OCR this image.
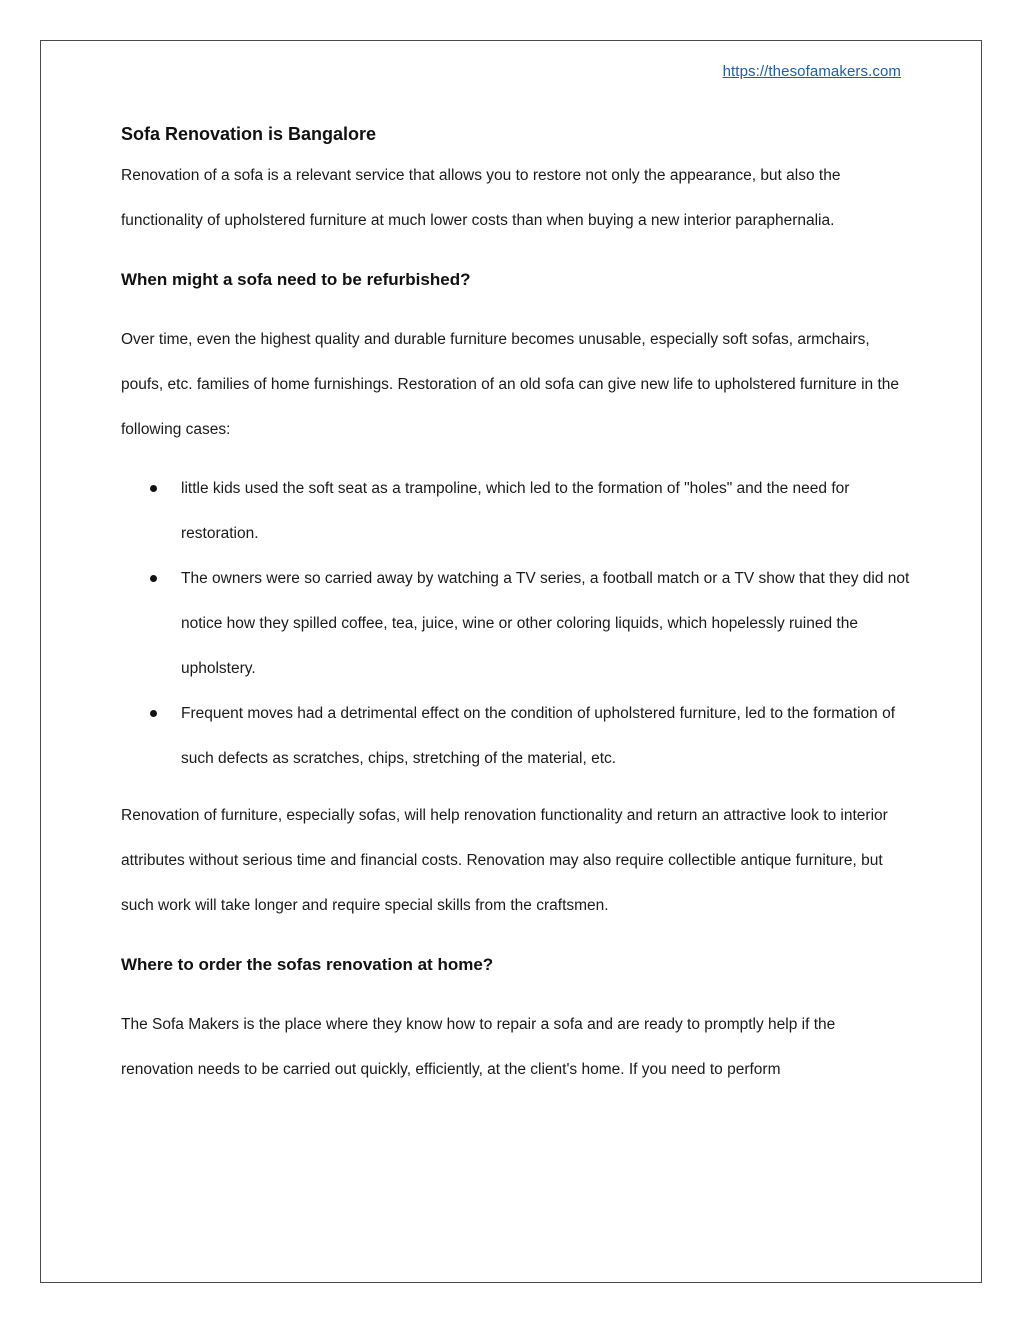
https://thesofamakers.com
Sofa Renovation is Bangalore

Renovation of a sofa is a relevant service that allows you to restore not only the appearance, but also the functionality of upholstered furniture at much lower costs than when buying a new interior paraphernalia.

When might a sofa need to be refurbished?

Over time, even the highest quality and durable furniture becomes unusable, especially soft sofas, armchairs, poufs, etc. families of home furnishings. Restoration of an old sofa can give new life to upholstered furniture in the following cases:

little kids used the soft seat as a trampoline, which led to the formation of "holes" and the need for restoration.
The owners were so carried away by watching a TV series, a football match or a TV show that they did not notice how they spilled coffee, tea, juice, wine or other coloring liquids, which hopelessly ruined the upholstery.
Frequent moves had a detrimental effect on the condition of upholstered furniture, led to the formation of such defects as scratches, chips, stretching of the material, etc.

Renovation of furniture, especially sofas, will help renovation functionality and return an attractive look to interior attributes without serious time and financial costs. Renovation may also require collectible antique furniture, but such work will take longer and require special skills from the craftsmen.

Where to order the sofas renovation at home?

The Sofa Makers is the place where they know how to repair a sofa and are ready to promptly help if the renovation needs to be carried out quickly, efficiently, at the client's home. If you need to perform
